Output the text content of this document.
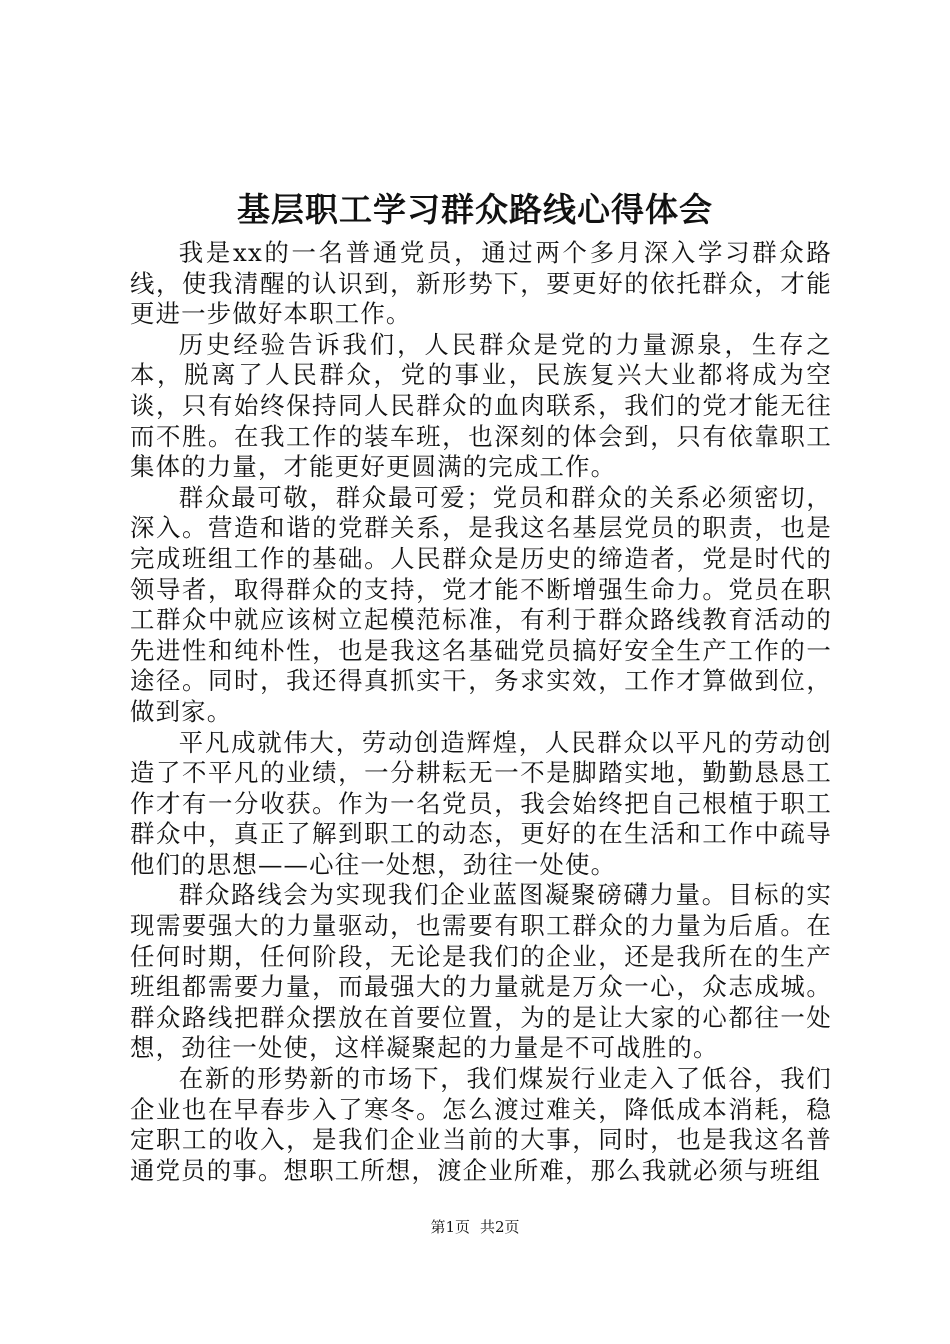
基层职工学习群众路线心得体会

我是xx的一名普通党员，通过两个多月深入学习群众路线，使我清醒的认识到，新形势下，要更好的依托群众，才能更进一步做好本职工作。

历史经验告诉我们，人民群众是党的力量源泉，生存之本，脱离了人民群众，党的事业，民族复兴大业都将成为空谈，只有始终保持同人民群众的血肉联系，我们的党才能无往而不胜。在我工作的装车班，也深刻的体会到，只有依靠职工集体的力量，才能更好更圆满的完成工作。

群众最可敬，群众最可爱；党员和群众的关系必须密切，深入。营造和谐的党群关系，是我这名基层党员的职责，也是完成班组工作的基础。人民群众是历史的缔造者，党是时代的领导者，取得群众的支持，党才能不断增强生命力。党员在职工群众中就应该树立起模范标准，有利于群众路线教育活动的先进性和纯朴性，也是我这名基础党员搞好安全生产工作的一途径。同时，我还得真抓实干，务求实效，工作才算做到位，做到家。

平凡成就伟大，劳动创造辉煌，人民群众以平凡的劳动创造了不平凡的业绩，一分耕耘无一不是脚踏实地，勤勤恳恳工作才有一分收获。作为一名党员，我会始终把自己根植于职工群众中，真正了解到职工的动态，更好的在生活和工作中疏导他们的思想——心往一处想，劲往一处使。

群众路线会为实现我们企业蓝图凝聚磅礴力量。目标的实现需要强大的力量驱动，也需要有职工群众的力量为后盾。在任何时期，任何阶段，无论是我们的企业，还是我所在的生产班组都需要力量，而最强大的力量就是万众一心，众志成城。群众路线把群众摆放在首要位置，为的是让大家的心都往一处想，劲往一处使，这样凝聚起的力量是不可战胜的。

在新的形势新的市场下，我们煤炭行业走入了低谷，我们企业也在早春步入了寒冬。怎么渡过难关，降低成本消耗，稳定职工的收入，是我们企业当前的大事，同时，也是我这名普通党员的事。想职工所想，渡企业所难，那么我就必须与班组

第1页 共2页
